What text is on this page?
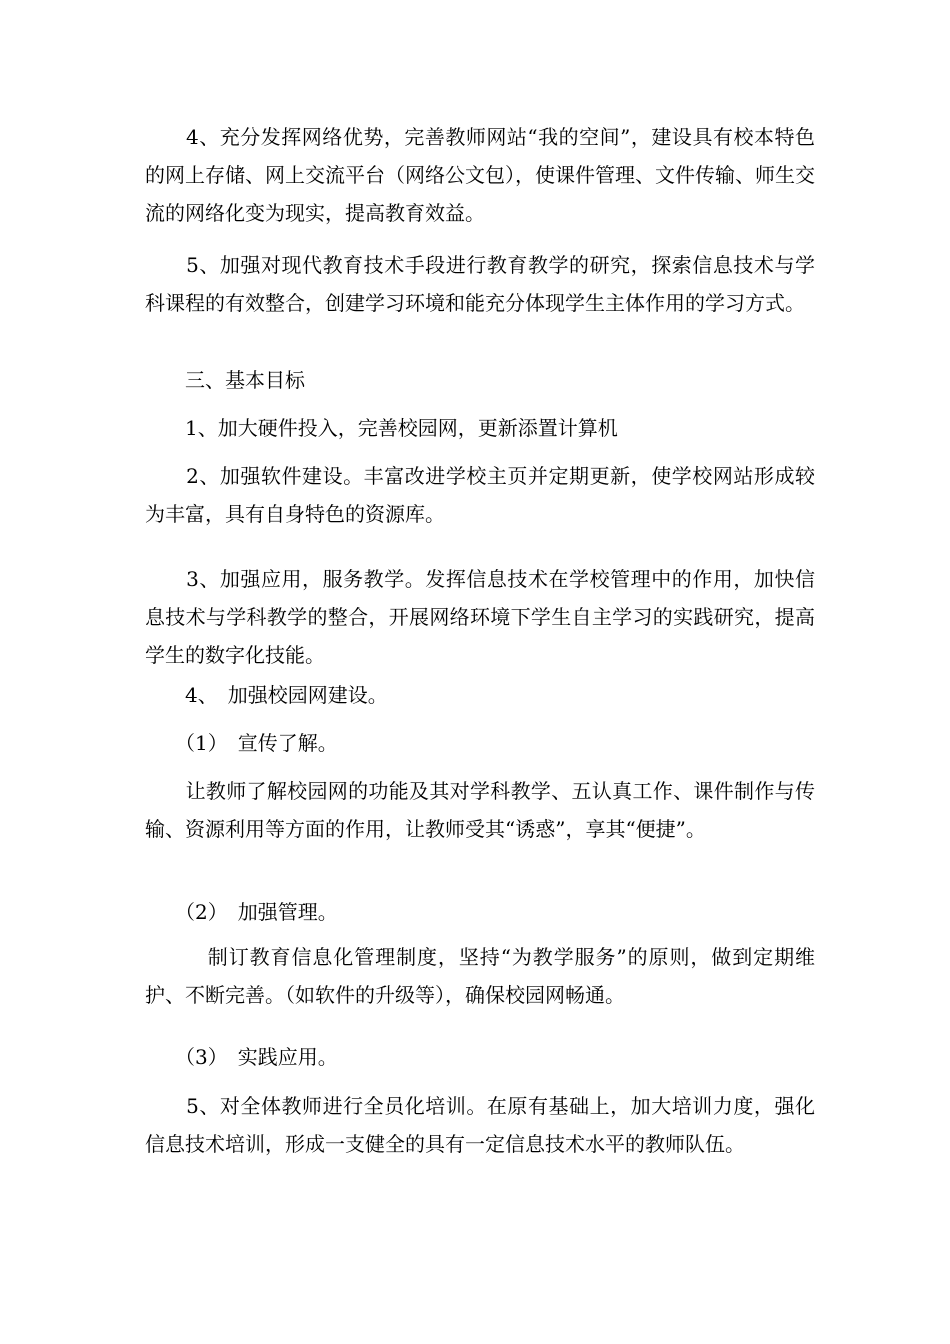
　　4、充分发挥网络优势，完善教师网站“我的空间”，建设具有校本特色的网上存储、网上交流平台（网络公文包），使课件管理、文件传输、师生交流的网络化变为现实，提高教育效益。
　　5、加强对现代教育技术手段进行教育教学的研究，探索信息技术与学科课程的有效整合，创建学习环境和能充分体现学生主体作用的学习方式。
　　三、基本目标
　　1、加大硬件投入，完善校园网，更新添置计算机
　　2、加强软件建设。丰富改进学校主页并定期更新，使学校网站形成较为丰富，具有自身特色的资源库。
　　3、加强应用，服务教学。发挥信息技术在学校管理中的作用，加快信息技术与学科教学的整合，开展网络环境下学生自主学习的实践研究，提高学生的数字化技能。
　　4、　加强校园网建设。
　　（1）　宣传了解。
　　让教师了解校园网的功能及其对学科教学、五认真工作、课件制作与传输、资源利用等方面的作用，让教师受其“诱惑”，享其“便捷”。
　　（2）　加强管理。
　　　制订教育信息化管理制度，坚持“为教学服务”的原则，做到定期维护、不断完善。（如软件的升级等），确保校园网畅通。
　　（3）　实践应用。
　　5、对全体教师进行全员化培训。在原有基础上，加大培训力度，强化信息技术培训，形成一支健全的具有一定信息技术水平的教师队伍。
